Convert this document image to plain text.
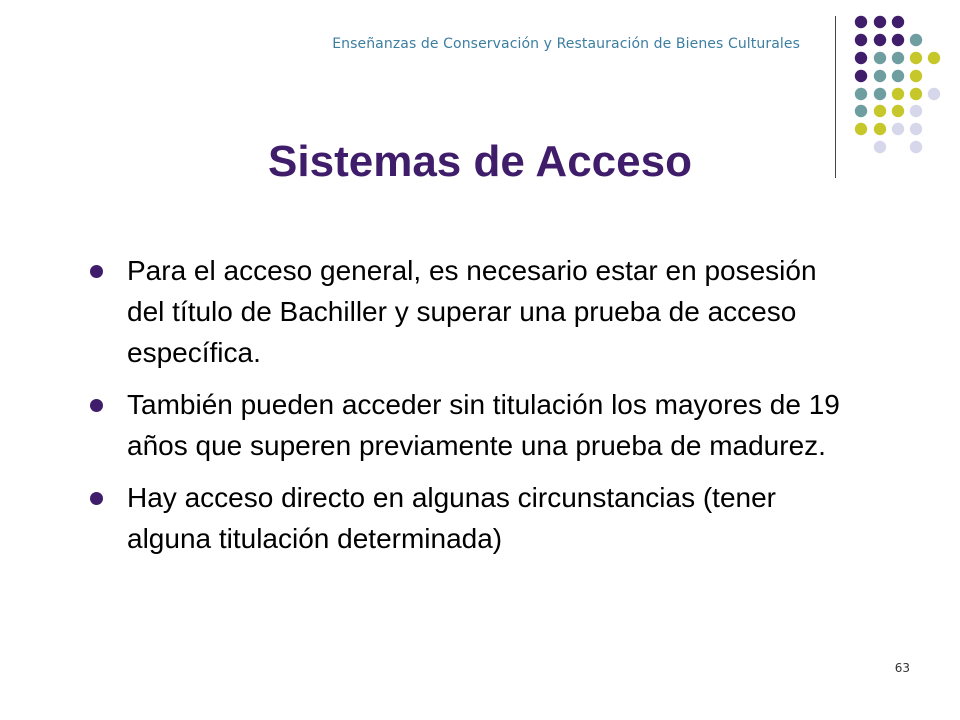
Enseñanzas de Conservación y Restauración de Bienes Culturales
Sistemas de Acceso
Para el acceso general, es necesario estar en posesión del título de Bachiller y superar una prueba de acceso específica.
También pueden acceder sin titulación los mayores de 19 años que superen previamente una prueba de madurez.
Hay acceso directo en algunas circunstancias (tener alguna titulación determinada)
63
